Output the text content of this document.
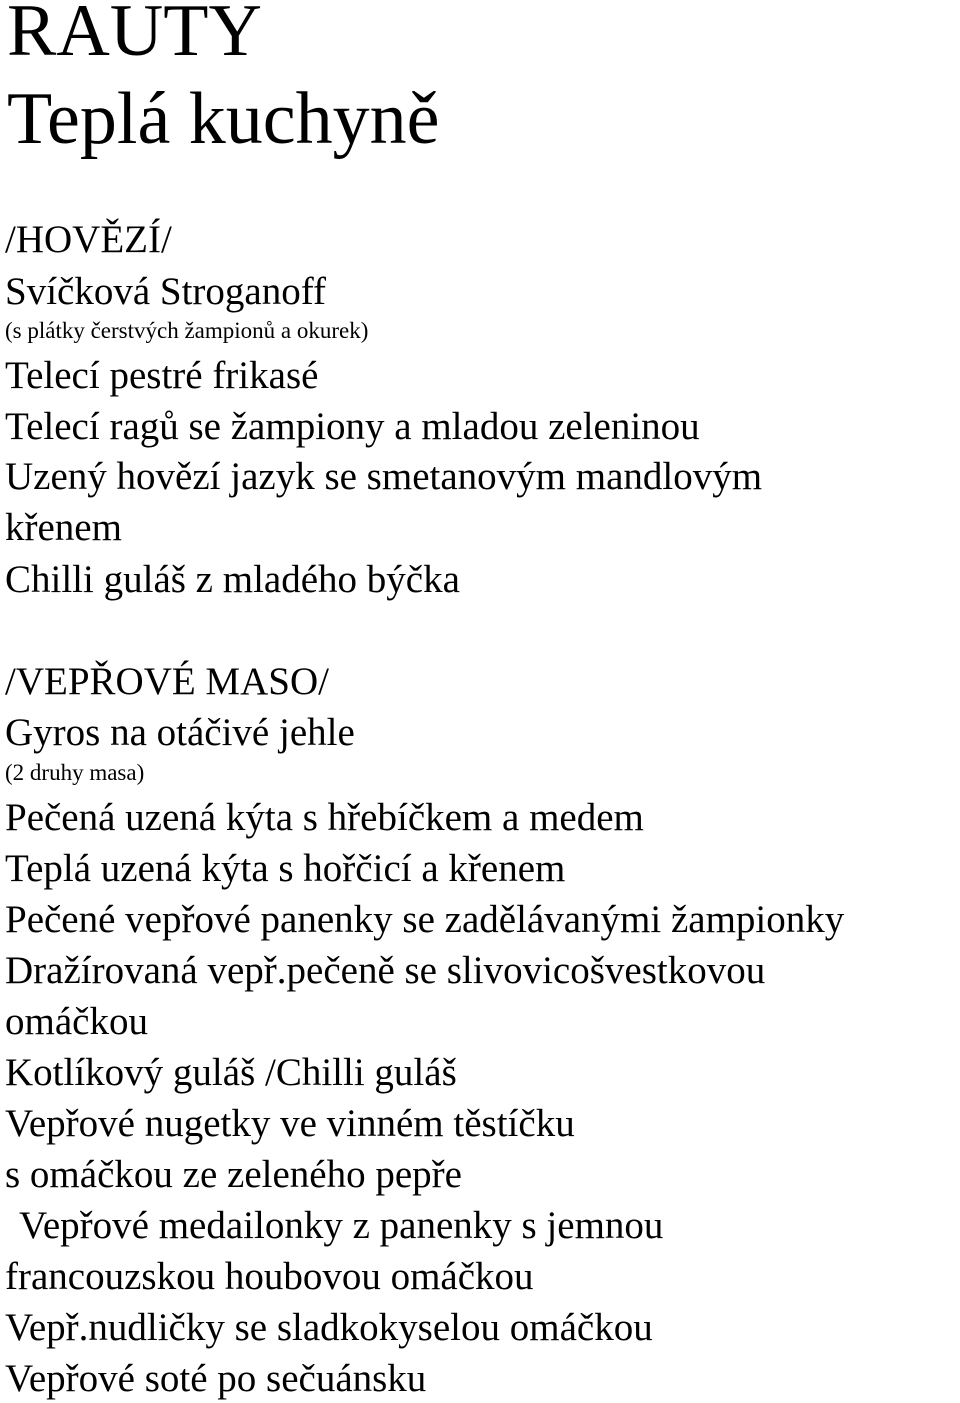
RAUTY
Teplá kuchyně
/HOVĚZÍ/
Svíčková Stroganoff
(s plátky čerstvých žampionů a okurek)
Telecí pestré frikasé
Telecí ragů se žampiony a mladou zeleninou
Uzený hovězí jazyk se smetanovým mandlovým
křenem
Chilli guláš z mladého býčka
/VEPŘOVÉ MASO/
Gyros na otáčivé jehle
(2 druhy masa)
Pečená uzená kýta s hřebíčkem a medem
Teplá uzená kýta s hořčicí a křenem
Pečené vepřové panenky se zadělávanými žampionky
Dražírovaná vepř.pečeně se slivovicošvestkovou
omáčkou
Kotlíkový guláš /Chilli guláš
Vepřové nugetky ve vinném těstíčku
s omáčkou ze zeleného pepře
Vepřové medailonky z panenky s jemnou
francouzskou houbovou omáčkou
Vepř.nudličky se sladkokyselou omáčkou
Vepřové soté po sečuánsku
